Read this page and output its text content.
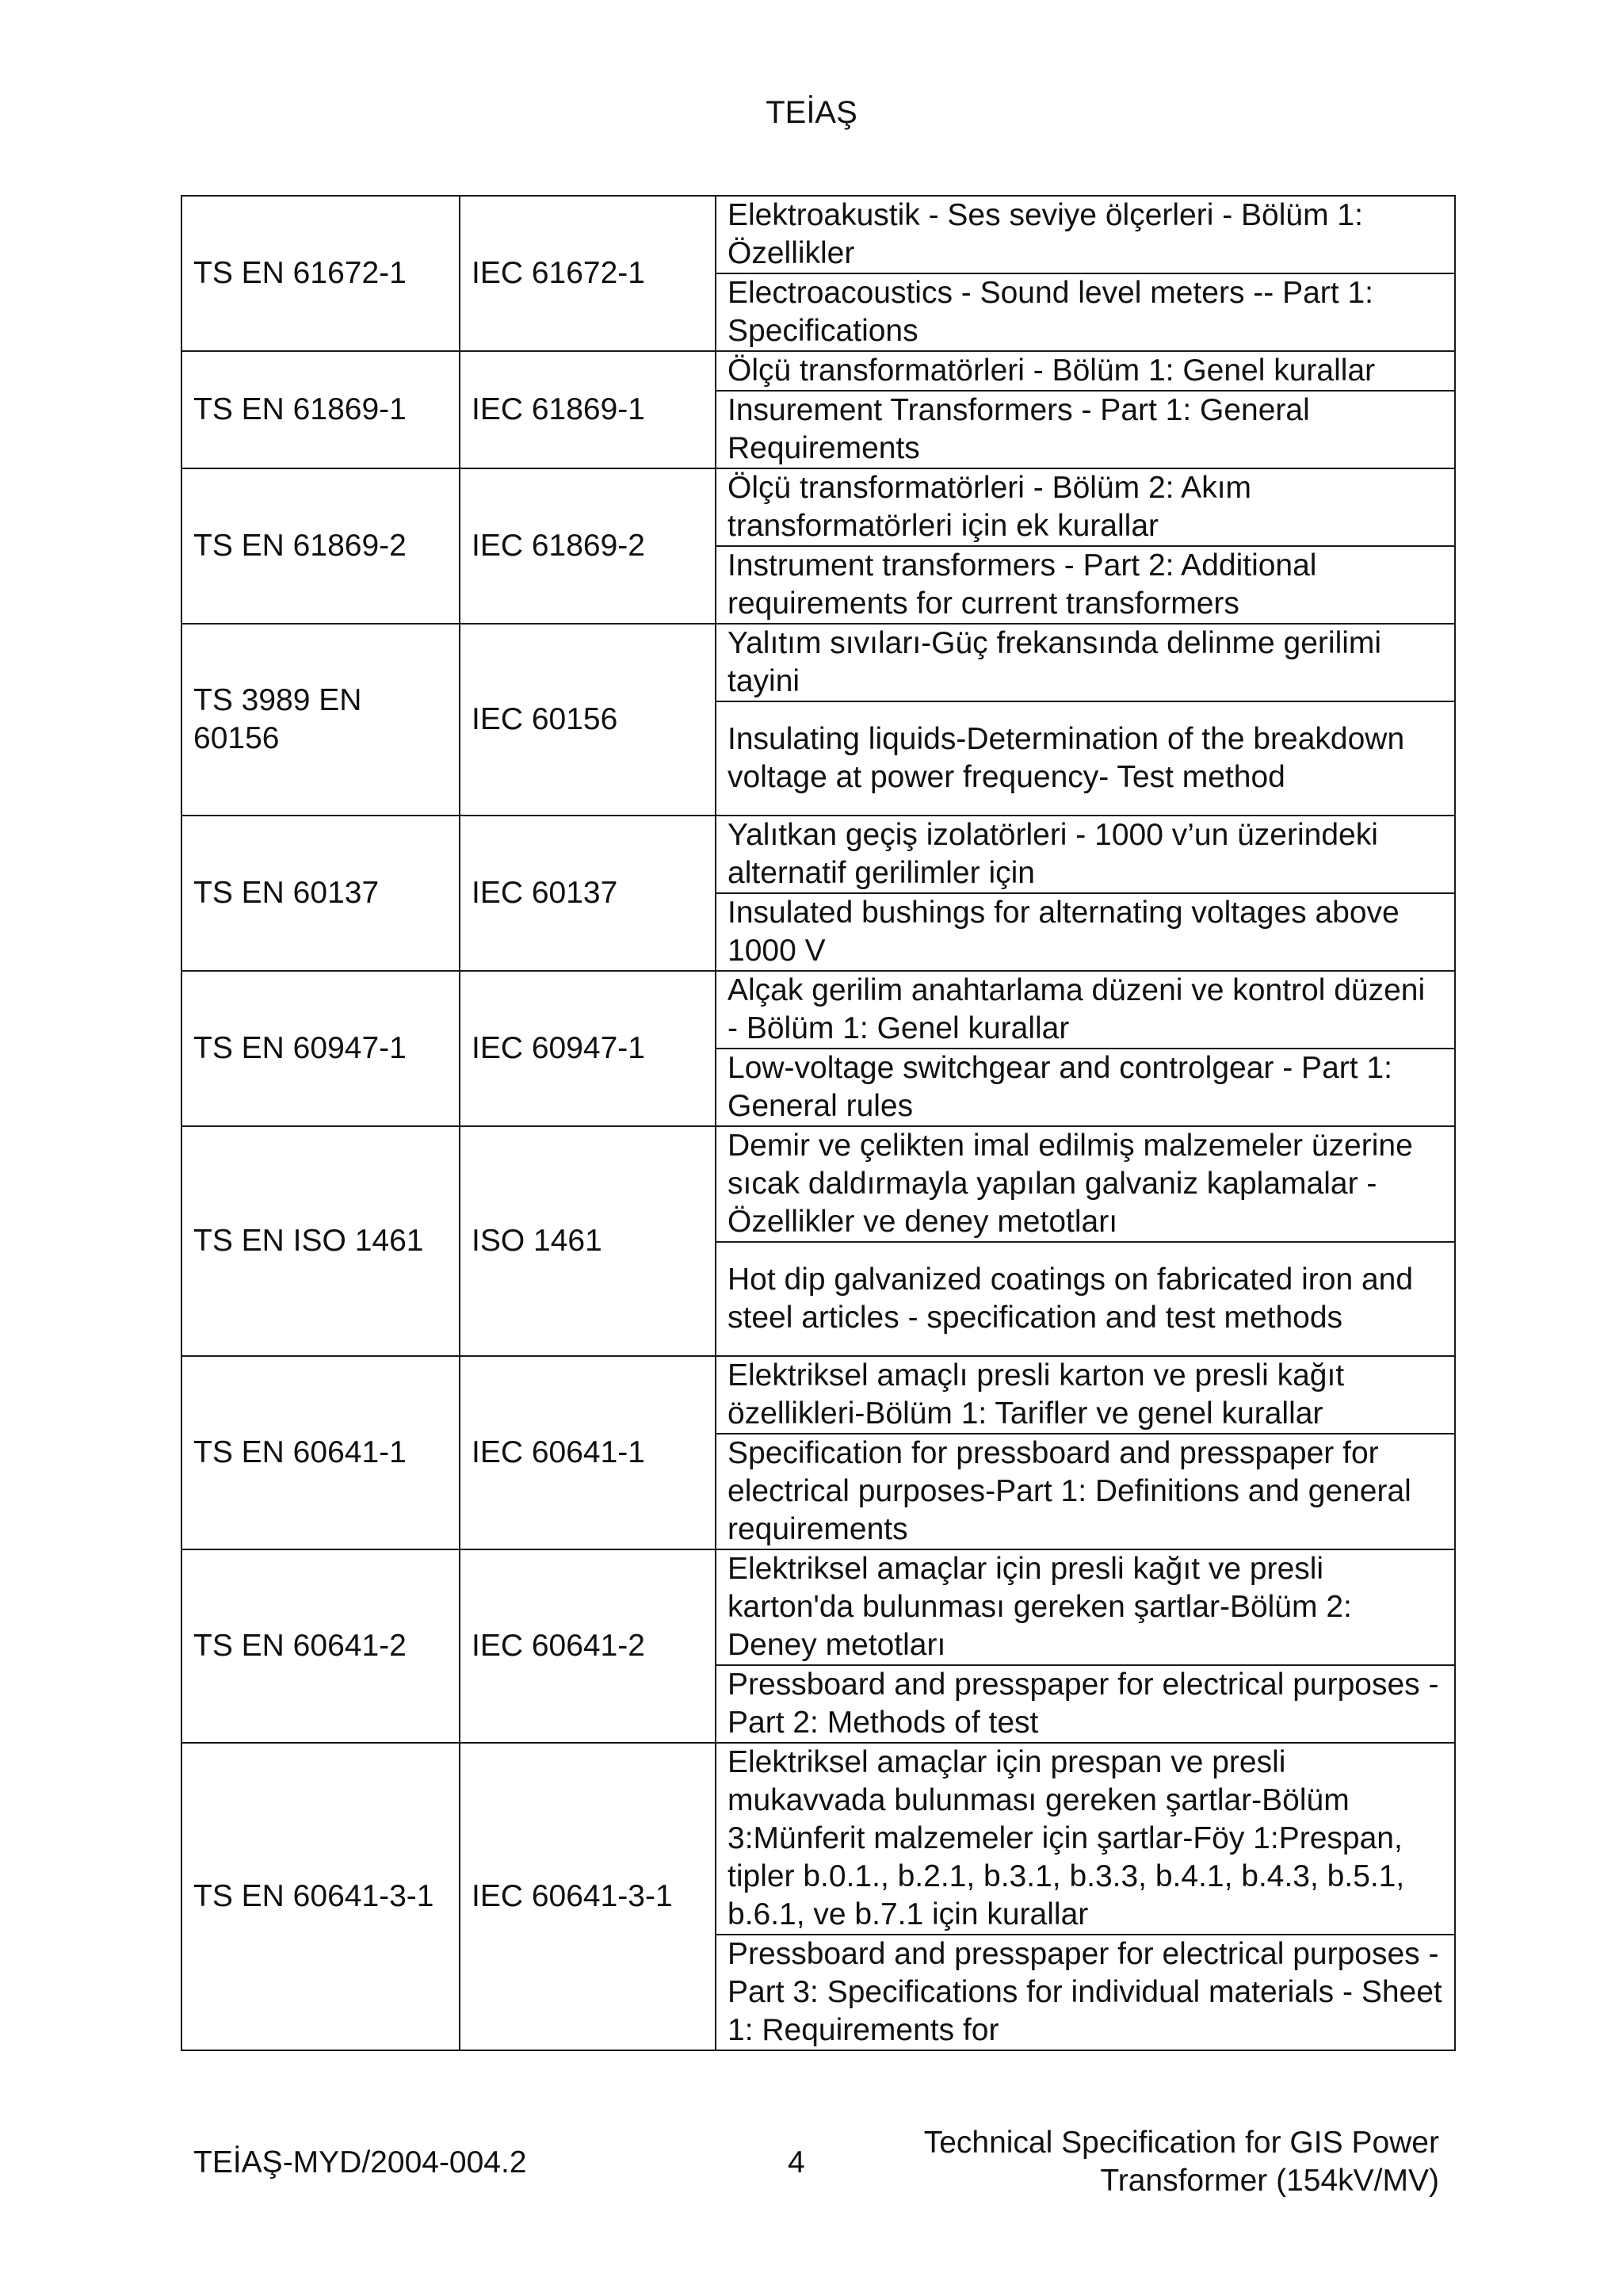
TEİAŞ
TS EN 61672-1	IEC 61672-1	Elektroakustik - Ses seviye ölçerleri - Bölüm 1: Özellikler
		Electroacoustics - Sound level meters -- Part 1: Specifications
TS EN 61869-1	IEC 61869-1	Ölçü transformatörleri - Bölüm 1: Genel kurallar
		Insurement Transformers - Part 1: General Requirements
TS EN 61869-2	IEC 61869-2	Ölçü transformatörleri - Bölüm 2: Akım transformatörleri için ek kurallar
		Instrument transformers - Part 2: Additional requirements for current transformers
TS 3989 EN 60156	IEC 60156	Yalıtım sıvıları-Güç frekansında delinme gerilimi tayini
		Insulating liquids-Determination of the breakdown voltage at power frequency- Test method
TS EN 60137	IEC 60137	Yalıtkan geçiş izolatörleri - 1000 v’un üzerindeki alternatif gerilimler için
		Insulated bushings for alternating voltages above 1000 V
TS EN 60947-1	IEC 60947-1	Alçak gerilim anahtarlama düzeni ve kontrol düzeni - Bölüm 1: Genel kurallar
		Low-voltage switchgear and controlgear - Part 1: General rules
TS EN ISO 1461	ISO 1461	Demir ve çelikten imal edilmiş malzemeler üzerine sıcak daldırmayla yapılan galvaniz kaplamalar - Özellikler ve deney metotları
		Hot dip galvanized coatings on fabricated iron and steel articles - specification and test methods
TS EN 60641-1	IEC 60641-1	Elektriksel amaçlı presli karton ve presli kağıt özellikleri-Bölüm 1: Tarifler ve genel kurallar
		Specification for pressboard and presspaper for electrical purposes-Part 1: Definitions and general requirements
TS EN 60641-2	IEC 60641-2	Elektriksel amaçlar için presli kağıt ve presli karton'da bulunması gereken şartlar-Bölüm 2: Deney metotları
		Pressboard and presspaper for electrical purposes - Part 2: Methods of test
TS EN 60641-3-1	IEC 60641-3-1	Elektriksel amaçlar için prespan ve presli mukavvada bulunması gereken şartlar-Bölüm 3:Münferit malzemeler için şartlar-Föy 1:Prespan, tipler b.0.1., b.2.1, b.3.1, b.3.3, b.4.1, b.4.3, b.5.1, b.6.1, ve b.7.1 için kurallar
		Pressboard and presspaper for electrical purposes - Part 3: Specifications for individual materials - Sheet 1: Requirements for
TEİAŞ-MYD/2004-004.2	4
Technical Specification for GIS Power
Transformer (154kV/MV)
